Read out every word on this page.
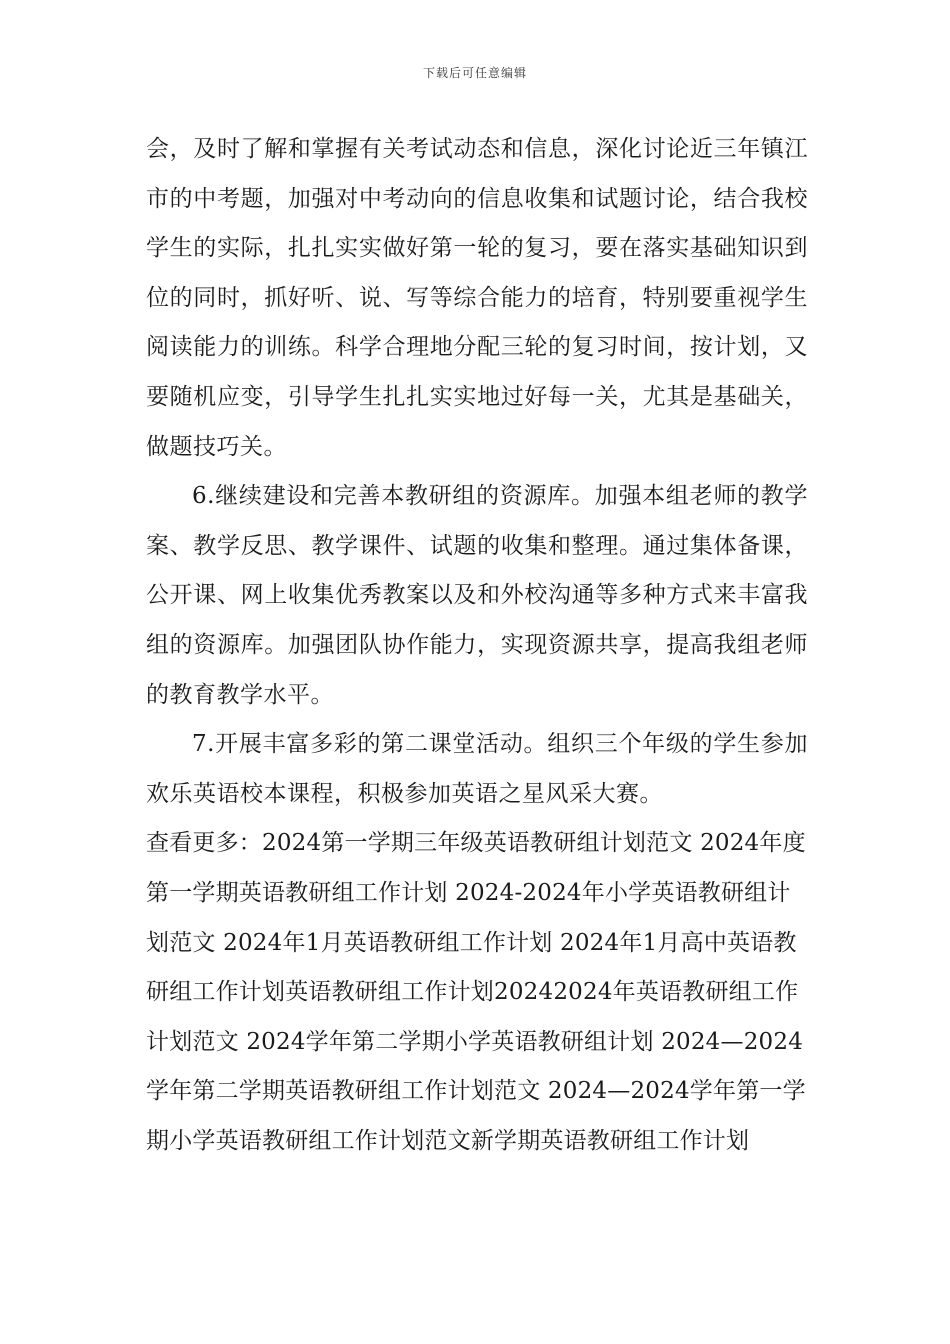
下载后可任意编辑

会，及时了解和掌握有关考试动态和信息，深化讨论近三年镇江市的中考题，加强对中考动向的信息收集和试题讨论，结合我校学生的实际，扎扎实实做好第一轮的复习，要在落实基础知识到位的同时，抓好听、说、写等综合能力的培育，特别要重视学生阅读能力的训练。科学合理地分配三轮的复习时间，按计划，又要随机应变，引导学生扎扎实实地过好每一关，尤其是基础关，做题技巧关。

6.继续建设和完善本教研组的资源库。加强本组老师的教学案、教学反思、教学课件、试题的收集和整理。通过集体备课，公开课、网上收集优秀教案以及和外校沟通等多种方式来丰富我组的资源库。加强团队协作能力，实现资源共享，提高我组老师的教育教学水平。

7.开展丰富多彩的第二课堂活动。组织三个年级的学生参加欢乐英语校本课程，积极参加英语之星风采大赛。

查看更多：2024第一学期三年级英语教研组计划范文 2024年度第一学期英语教研组工作计划 2024-2024年小学英语教研组计划范文 2024年1月英语教研组工作计划 2024年1月高中英语教研组工作计划英语教研组工作计划20242024年英语教研组工作计划范文 2024学年第二学期小学英语教研组计划 2024—2024学年第二学期英语教研组工作计划范文 2024—2024学年第一学期小学英语教研组工作计划范文新学期英语教研组工作计划
